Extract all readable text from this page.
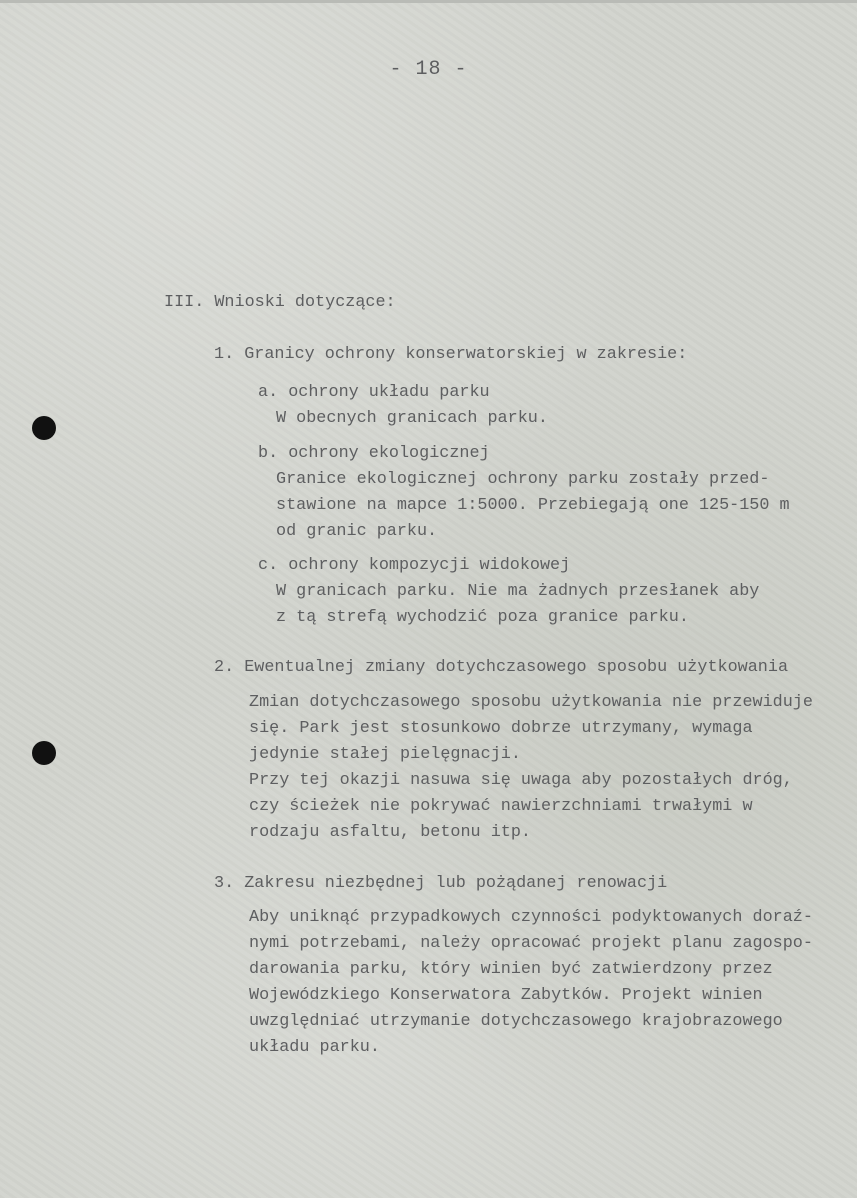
- 18 -
III. Wnioski dotyczące:
1. Granicy ochrony konserwatorskiej w zakresie:
a. ochrony układu parku
W obecnych granicach parku.
b. ochrony ekologicznej
Granice ekologicznej ochrony parku zostały przed-
stawione na mapce 1:5000. Przebiegają one 125-150 m
od granic parku.
c. ochrony kompozycji widokowej
W granicach parku. Nie ma żadnych przesłanek aby
z tą strefą wychodzić poza granice parku.
2. Ewentualnej zmiany dotychczasowego sposobu użytkowania
Zmian dotychczasowego sposobu użytkowania nie przewiduje
się. Park jest stosunkowo dobrze utrzymany, wymaga
jedynie stałej pielęgnacji.
Przy tej okazji nasuwa się uwaga aby pozostałych dróg,
czy ścieżek nie pokrywać nawierzchniami trwałymi w
rodzaju asfaltu, betonu itp.
3. Zakresu niezbędnej lub pożądanej renowacji
Aby uniknąć przypadkowych czynności podyktowanych doraź-
nymi potrzebami, należy opracować projekt planu zagospo-
darowania parku, który winien być zatwierdzony przez
Wojewódzkiego Konserwatora Zabytków. Projekt winien
uwzględniać utrzymanie dotychczasowego krajobrazowego
układu parku.
